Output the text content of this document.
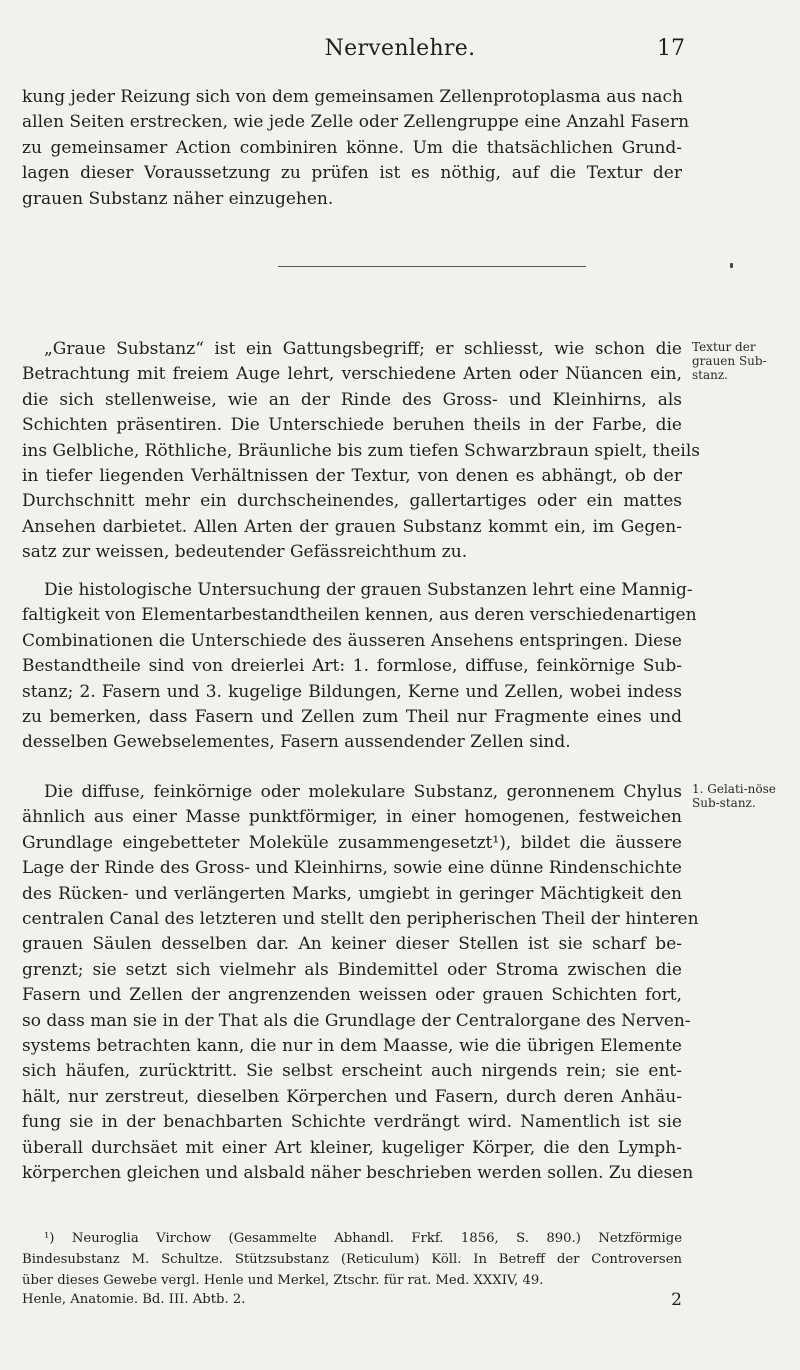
Nervenlehre.	17

kung jeder Reizung sich von dem gemeinsamen Zellenprotoplasma aus nach
allen Seiten erstrecken, wie jede Zelle oder Zellengruppe eine Anzahl Fasern
zu gemeinsamer Action combiniren könne. Um die thatsächlichen Grund-
lagen dieser Voraussetzung zu prüfen ist es nöthig, auf die Textur der
grauen Substanz näher einzugehen.

„Graue Substanz“ ist ein Gattungsbegriff; er schliesst, wie schon die
Betrachtung mit freiem Auge lehrt, verschiedene Arten oder Nüancen ein,
die sich stellenweise, wie an der Rinde des Gross- und Kleinhirns, als
Schichten präsentiren. Die Unterschiede beruhen theils in der Farbe, die
ins Gelbliche, Röthliche, Bräunliche bis zum tiefen Schwarzbraun spielt, theils
in tiefer liegenden Verhältnissen der Textur, von denen es abhängt, ob der
Durchschnitt mehr ein durchscheinendes, gallertartiges oder ein mattes
Ansehen darbietet. Allen Arten der grauen Substanz kommt ein, im Gegen-
satz zur weissen, bedeutender Gefässreichthum zu.

Textur der grauen Sub-stanz.

Die histologische Untersuchung der grauen Substanzen lehrt eine Mannig-
faltigkeit von Elementarbestandtheilen kennen, aus deren verschiedenartigen
Combinationen die Unterschiede des äusseren Ansehens entspringen. Diese
Bestandtheile sind von dreierlei Art: 1. formlose, diffuse, feinkörnige Sub-
stanz; 2. Fasern und 3. kugelige Bildungen, Kerne und Zellen, wobei indess
zu bemerken, dass Fasern und Zellen zum Theil nur Fragmente eines und
desselben Gewebselementes, Fasern aussendender Zellen sind.

Die diffuse, feinkörnige oder molekulare Substanz, geronnenem Chylus
ähnlich aus einer Masse punktförmiger, in einer homogenen, festweichen
Grundlage eingebetteter Moleküle zusammengesetzt¹), bildet die äussere
Lage der Rinde des Gross- und Kleinhirns, sowie eine dünne Rindenschichte
des Rücken- und verlängerten Marks, umgiebt in geringer Mächtigkeit den
centralen Canal des letzteren und stellt den peripherischen Theil der hinteren
grauen Säulen desselben dar. An keiner dieser Stellen ist sie scharf be-
grenzt; sie setzt sich vielmehr als Bindemittel oder Stroma zwischen die
Fasern und Zellen der angrenzenden weissen oder grauen Schichten fort,
so dass man sie in der That als die Grundlage der Centralorgane des Nerven-
systems betrachten kann, die nur in dem Maasse, wie die übrigen Elemente
sich häufen, zurücktritt. Sie selbst erscheint auch nirgends rein; sie ent-
hält, nur zerstreut, dieselben Körperchen und Fasern, durch deren Anhäu-
fung sie in der benachbarten Schichte verdrängt wird. Namentlich ist sie
überall durchsäet mit einer Art kleiner, kugeliger Körper, die den Lymph-
körperchen gleichen und alsbald näher beschrieben werden sollen. Zu diesen

1. Gelati-nöse Sub-stanz.
¹) Neuroglia Virchow (Gesammelte Abhandl. Frkf. 1856, S. 890.) Netzförmige
Bindesubstanz M. Schultze. Stützsubstanz (Reticulum) Köll. In Betreff der Controversen
über dieses Gewebe vergl. Henle und Merkel, Ztschr. für rat. Med. XXXIV, 49.
Henle, Anatomie. Bd. III. Abtb. 2.	2
